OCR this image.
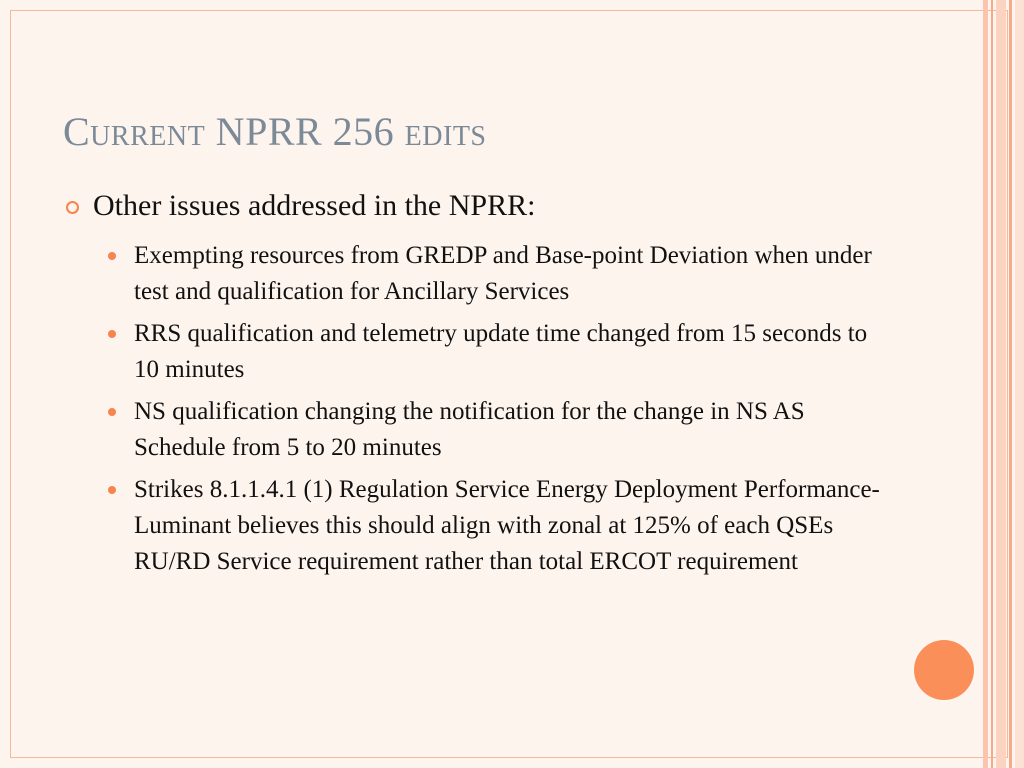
Current NPRR 256 edits
Other issues addressed in the NPRR:
Exempting resources from GREDP and Base-point Deviation when under test and qualification for Ancillary Services
RRS qualification and telemetry update time changed from 15 seconds to 10 minutes
NS qualification changing the notification for the change in NS AS Schedule from 5 to 20 minutes
Strikes 8.1.1.4.1 (1) Regulation Service Energy Deployment Performance- Luminant believes this should align with zonal at 125% of each QSEs RU/RD Service requirement rather than total ERCOT requirement
